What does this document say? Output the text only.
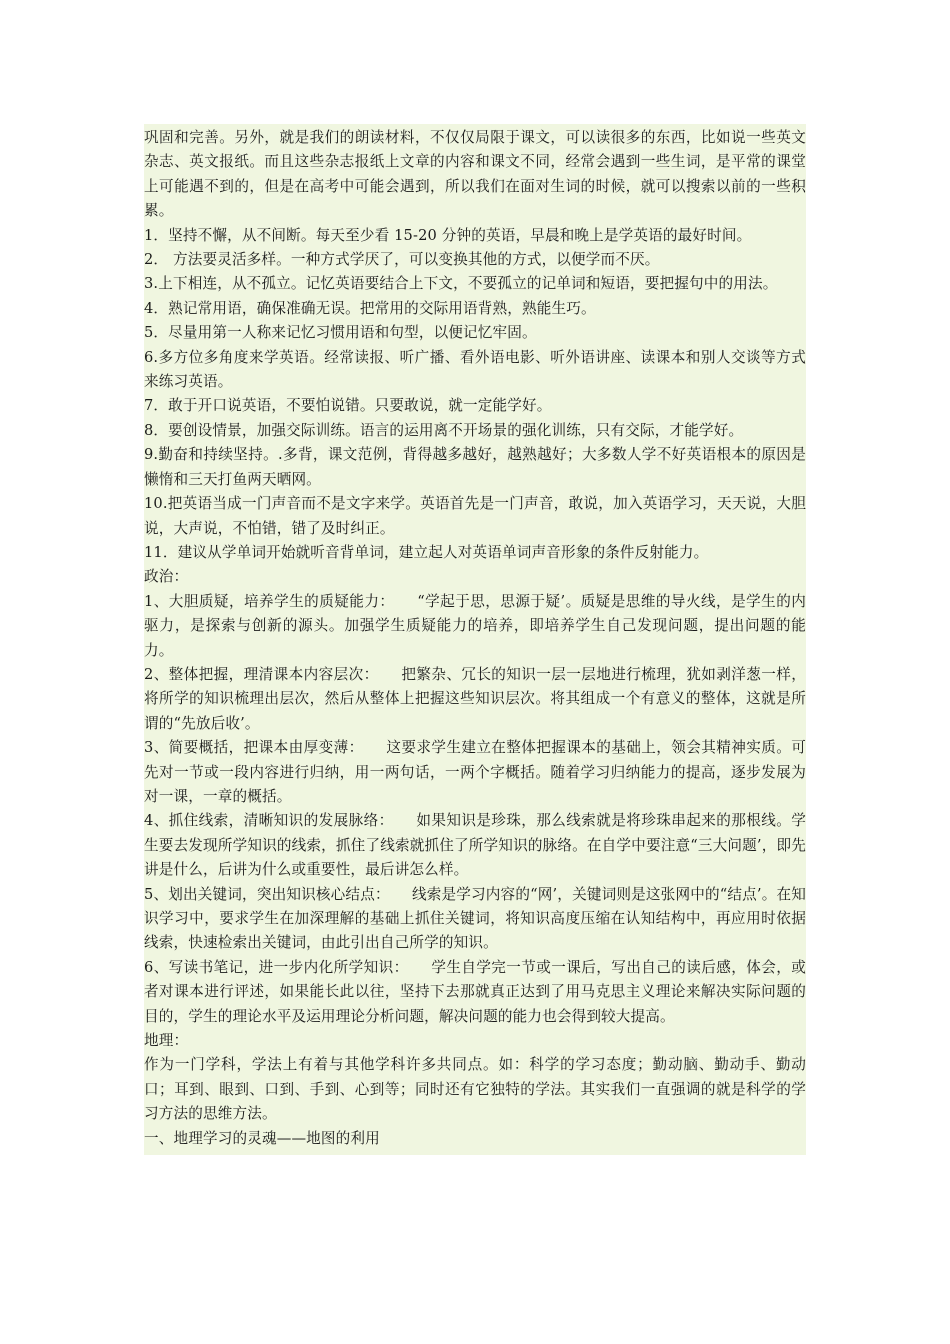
巩固和完善。另外，就是我们的朗读材料，不仅仅局限于课文，可以读很多的东西，比如说一些英文杂志、英文报纸。而且这些杂志报纸上文章的内容和课文不同，经常会遇到一些生词，是平常的课堂上可能遇不到的，但是在高考中可能会遇到，所以我们在面对生词的时候，就可以搜索以前的一些积累。

1．坚持不懈，从不间断。每天至少看 15-20 分钟的英语，早晨和晚上是学英语的最好时间。

2． 方法要灵活多样。一种方式学厌了，可以变换其他的方式，以便学而不厌。

3.上下相连，从不孤立。记忆英语要结合上下文，不要孤立的记单词和短语，要把握句中的用法。

4．熟记常用语，确保准确无误。把常用的交际用语背熟，熟能生巧。

5．尽量用第一人称来记忆习惯用语和句型，以便记忆牢固。

6.多方位多角度来学英语。经常读报、听广播、看外语电影、听外语讲座、读课本和别人交谈等方式来练习英语。

7．敢于开口说英语，不要怕说错。只要敢说，就一定能学好。

8．要创设情景，加强交际训练。语言的运用离不开场景的强化训练，只有交际，才能学好。

9.勤奋和持续坚持。.多背，课文范例，背得越多越好，越熟越好；大多数人学不好英语根本的原因是懒惰和三天打鱼两天晒网。

10.把英语当成一门声音而不是文字来学。英语首先是一门声音，敢说，加入英语学习，天天说，大胆说，大声说，不怕错，错了及时纠正。

11．建议从学单词开始就听音背单词，建立起人对英语单词声音形象的条件反射能力。

政治：

1、大胆质疑，培养学生的质疑能力：　　“学起于思，思源于疑’。质疑是思维的导火线，是学生的内驱力，是探索与创新的源头。加强学生质疑能力的培养，即培养学生自己发现问题，提出问题的能力。

2、整体把握，理清课本内容层次：　　把繁杂、冗长的知识一层一层地进行梳理，犹如剥洋葱一样，将所学的知识梳理出层次，然后从整体上把握这些知识层次。将其组成一个有意义的整体，这就是所谓的“先放后收’。

3、简要概括，把课本由厚变薄：　　这要求学生建立在整体把握课本的基础上，领会其精神实质。可先对一节或一段内容进行归纳，用一两句话，一两个字概括。随着学习归纳能力的提高，逐步发展为对一课，一章的概括。

4、抓住线索，清晰知识的发展脉络：　　如果知识是珍珠，那么线索就是将珍珠串起来的那根线。学生要去发现所学知识的线索，抓住了线索就抓住了所学知识的脉络。在自学中要注意“三大问题’，即先讲是什么，后讲为什么或重要性，最后讲怎么样。

5、划出关键词，突出知识核心结点：　　线索是学习内容的“网’，关键词则是这张网中的“结点’。在知识学习中，要求学生在加深理解的基础上抓住关键词，将知识高度压缩在认知结构中，再应用时依据线索，快速检索出关键词，由此引出自己所学的知识。

6、写读书笔记，进一步内化所学知识：　　学生自学完一节或一课后，写出自己的读后感，体会，或者对课本进行评述，如果能长此以往，坚持下去那就真正达到了用马克思主义理论来解决实际问题的目的，学生的理论水平及运用理论分析问题，解决问题的能力也会得到较大提高。

地理：

作为一门学科，学法上有着与其他学科许多共同点。如：科学的学习态度；勤动脑、勤动手、勤动口；耳到、眼到、口到、手到、心到等；同时还有它独特的学法。其实我们一直强调的就是科学的学习方法的思维方法。

一、地理学习的灵魂——地图的利用
